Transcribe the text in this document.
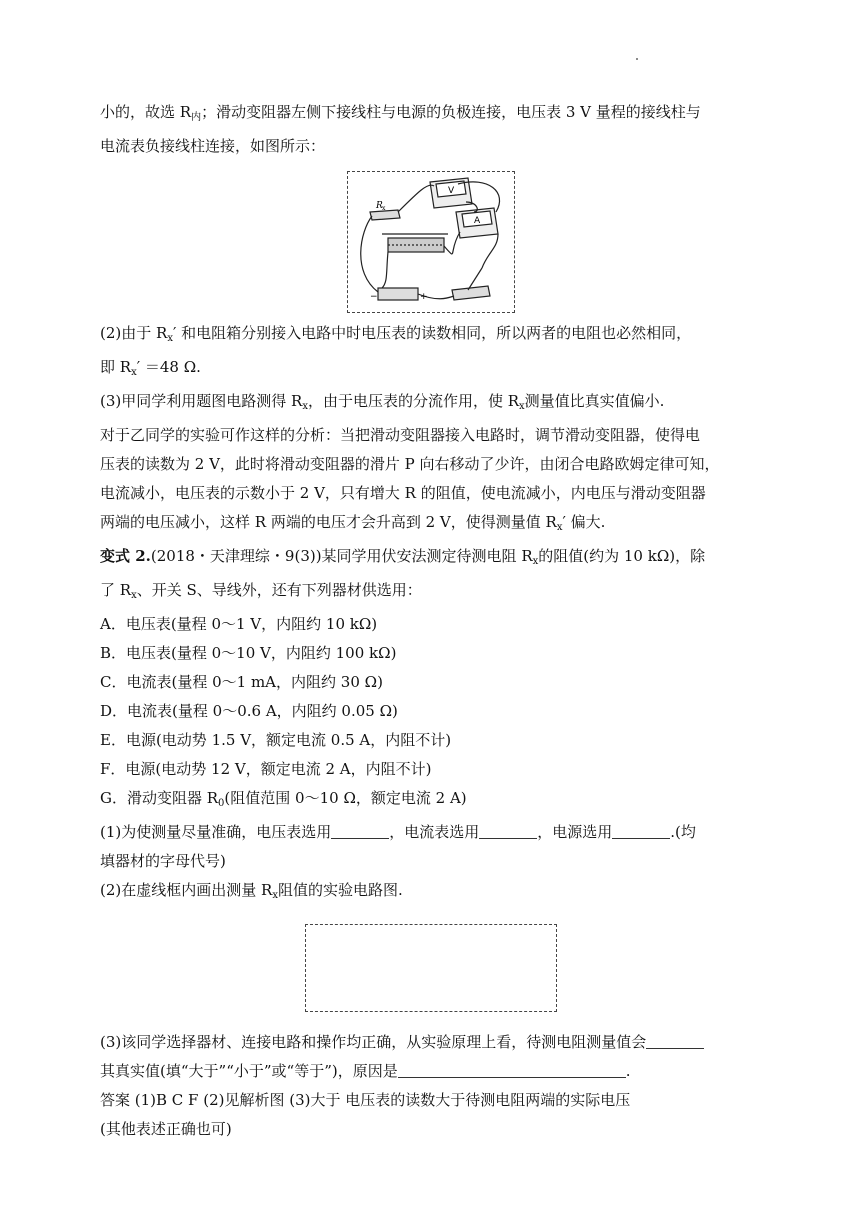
小的，故选 $R_内$；滑动变阻器左侧下接线柱与电源的负极连接，电压表 3 V 量程的接线柱与

电流表负接线柱连接，如图所示：

R x
V
A
−	+

(2)由于 $R_x'$ 和电阻箱分别接入电路中时电压表的读数相同，所以两者的电阻也必然相同，

即 $R_x' =48$ Ω.

(3)甲同学利用题图电路测得 $R_x$，由于电压表的分流作用，使 $R_x$测量值比真实值偏小.

对于乙同学的实验可作这样的分析：当把滑动变阻器接入电路时，调节滑动变阻器，使得电

压表的读数为 2 V，此时将滑动变阻器的滑片 P 向右移动了少许，由闭合电路欧姆定律可知，

电流减小，电压表的示数小于 2 V，只有增大 R 的阻值，使电流减小，内电压与滑动变阻器

两端的电压减小，这样 R 两端的电压才会升高到 2 V，使得测量值 $R_x'$ 偏大.

变式 2.(2018・天津理综・9(3))某同学用伏安法测定待测电阻 $R_x$的阻值(约为 10 kΩ)，除

了 $R_x$、开关 S、导线外，还有下列器材供选用：

A．电压表(量程 0～1 V，内阻约 10 kΩ)

B．电压表(量程 0～10 V，内阻约 100 kΩ)

C．电流表(量程 0～1 mA，内阻约 30 Ω)

D．电流表(量程 0～0.6 A，内阻约 0.05 Ω)

E．电源(电动势 1.5 V，额定电流 0.5 A，内阻不计)

F．电源(电动势 12 V，额定电流 2 A，内阻不计)

G．滑动变阻器 $R_0$(阻值范围 0～10 Ω，额定电流 2 A)

(1)为使测量尽量准确，电压表选用	，电流表选用	，电源选用	.(均

填器材的字母代号)

(2)在虚线框内画出测量 $R_x$阻值的实验电路图.

(3)该同学选择器材、连接电路和操作均正确，从实验原理上看，待测电阻测量值会

其真实值(填“大于”“小于”或“等于”)，原因是	.

答案 (1)B C F (2)见解析图 (3)大于 电压表的读数大于待测电阻两端的实际电压

(其他表述正确也可)
